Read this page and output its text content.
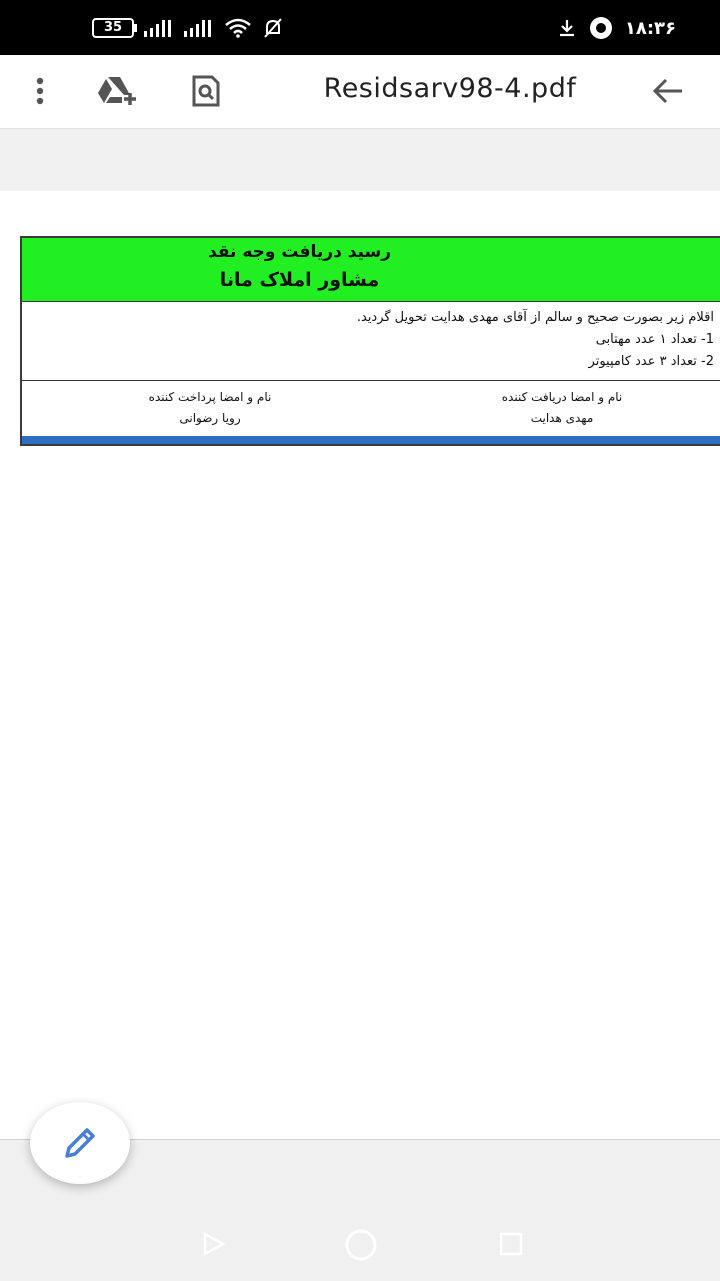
35	۱۸:۳۶
Residsarv98-4.pdf
رسید دریافت وجه نقد
مشاور املاک مانا
اقلام زیر بصورت صحیح و سالم از آقای مهدی هدایت تحویل گردید.
1- تعداد ۱ عدد مهتابی
2- تعداد ۳ عدد کامپیوتر
نام و امضا دریافت کننده
مهدی هدایت
نام و امضا پرداخت کننده
رویا رضوانی
